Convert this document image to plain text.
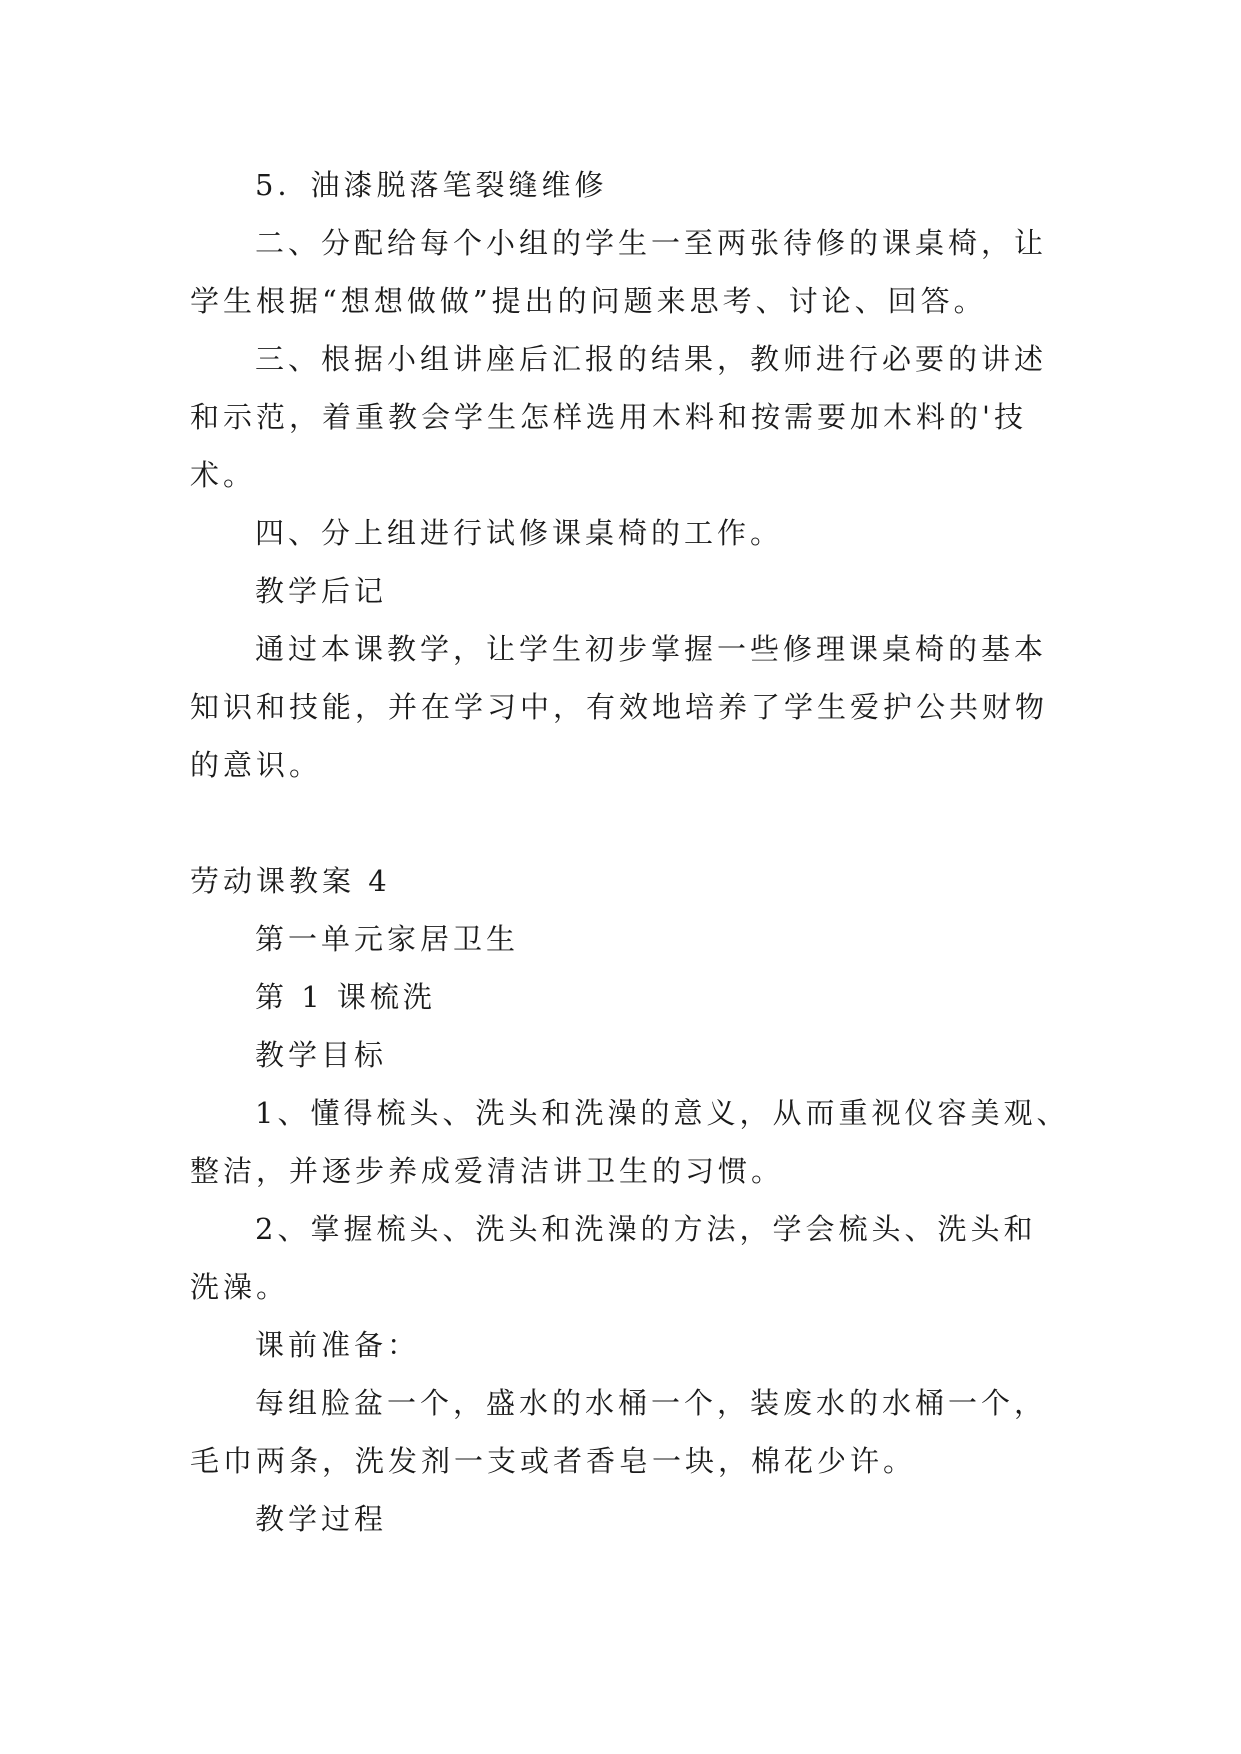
5．油漆脱落笔裂缝维修
二、分配给每个小组的学生一至两张待修的课桌椅，让
学生根据“想想做做”提出的问题来思考、讨论、回答。
三、根据小组讲座后汇报的结果，教师进行必要的讲述
和示范，着重教会学生怎样选用木料和按需要加木料的'技
术。
四、分上组进行试修课桌椅的工作。
教学后记
通过本课教学，让学生初步掌握一些修理课桌椅的基本
知识和技能，并在学习中，有效地培养了学生爱护公共财物
的意识。
劳动课教案 4
第一单元家居卫生
第 1 课梳洗
教学目标
1、懂得梳头、洗头和洗澡的意义，从而重视仪容美观、
整洁，并逐步养成爱清洁讲卫生的习惯。
2、掌握梳头、洗头和洗澡的方法，学会梳头、洗头和
洗澡。
课前准备：
每组脸盆一个，盛水的水桶一个，装废水的水桶一个，
毛巾两条，洗发剂一支或者香皂一块，棉花少许。
教学过程
